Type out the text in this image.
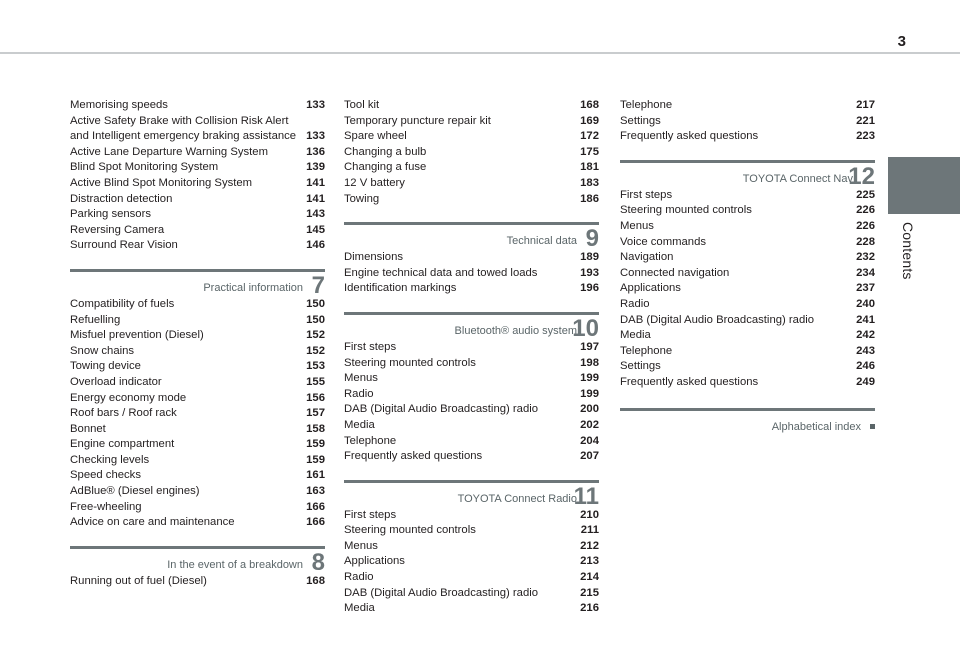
3
Contents
Memorising speeds	133
Active Safety Brake with Collision Risk Alert and Intelligent emergency braking assistance 133
Active Lane Departure Warning System	136
Blind Spot Monitoring System	139
Active Blind Spot Monitoring System	141
Distraction detection	141
Parking sensors	143
Reversing Camera	145
Surround Rear Vision	146
Practical information 7
Compatibility of fuels	150
Refuelling	150
Misfuel prevention (Diesel)	152
Snow chains	152
Towing device	153
Overload indicator	155
Energy economy mode	156
Roof bars / Roof rack	157
Bonnet	158
Engine compartment	159
Checking levels	159
Speed checks	161
AdBlue® (Diesel engines)	163
Free-wheeling	166
Advice on care and maintenance	166
In the event of a breakdown 8
Running out of fuel (Diesel)	168
Tool kit	168
Temporary puncture repair kit	169
Spare wheel	172
Changing a bulb	175
Changing a fuse	181
12 V battery	183
Towing	186
Technical data 9
Dimensions	189
Engine technical data and towed loads	193
Identification markings	196
Bluetooth® audio system
10
First steps	197
Steering mounted controls	198
Menus	199
Radio	199
DAB (Digital Audio Broadcasting) radio	200
Media	202
Telephone	204
Frequently asked questions	207
TOYOTA Connect Radio
11
First steps	210
Steering mounted controls	211
Menus	212
Applications	213
Radio	214
DAB (Digital Audio Broadcasting) radio	215
Media	216
Telephone	217
Settings	221
Frequently asked questions	223
TOYOTA Connect Nav
12
First steps	225
Steering mounted controls	226
Menus	226
Voice commands	228
Navigation	232
Connected navigation	234
Applications	237
Radio	240
DAB (Digital Audio Broadcasting) radio	241
Media	242
Telephone	243
Settings	246
Frequently asked questions	249
Alphabetical index
